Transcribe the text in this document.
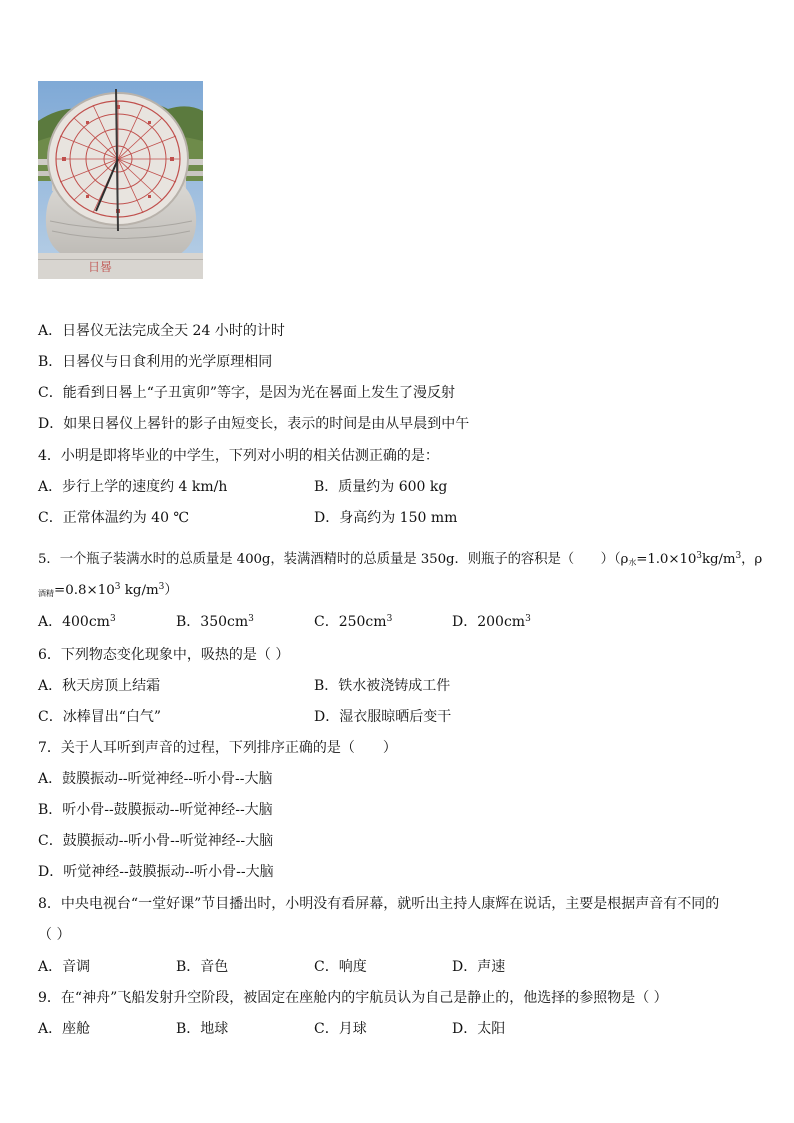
日晷
A．日晷仪无法完成全天 24 小时的计时
B．日晷仪与日食利用的光学原理相同
C．能看到日晷上“子丑寅卯”等字，是因为光在晷面上发生了漫反射
D．如果日晷仪上晷针的影子由短变长，表示的时间是由从早晨到中午
4．小明是即将毕业的中学生，下列对小明的相关估测正确的是：
A．步行上学的速度约 4 km/h	B．质量约为 600 kg
C．正常体温约为 40 ℃	D．身高约为 150 mm
5．一个瓶子装满水时的总质量是 400g，装满酒精时的总质量是 350g．则瓶子的容积是（　　）（$\rho_水=1.0\times 10^3kg/m^3$，ρ
$_{酒精}=0.8\times 10^3$ $kg/m^3$）
A．$400cm^3$	B．$350cm^3$	C．$250cm^3$	D．$200cm^3$
6．下列物态变化现象中，吸热的是（ ）
A．秋天房顶上结霜	B．铁水被浇铸成工件
C．冰棒冒出“白气”	D．湿衣服晾晒后变干
7．关于人耳听到声音的过程，下列排序正确的是（　　）
A．鼓膜振动--听觉神经--听小骨--大脑
B．听小骨--鼓膜振动--听觉神经--大脑
C．鼓膜振动--听小骨--听觉神经--大脑
D．听觉神经--鼓膜振动--听小骨--大脑
8．中央电视台“一堂好课”节目播出时，小明没有看屏幕，就听出主持人康辉在说话，主要是根据声音有不同的
（ ）
A．音调	B．音色	C．响度	D．声速
9．在“神舟”飞船发射升空阶段，被固定在座舱内的宇航员认为自己是静止的，他选择的参照物是（ ）
A．座舱	B．地球	C．月球	D．太阳
